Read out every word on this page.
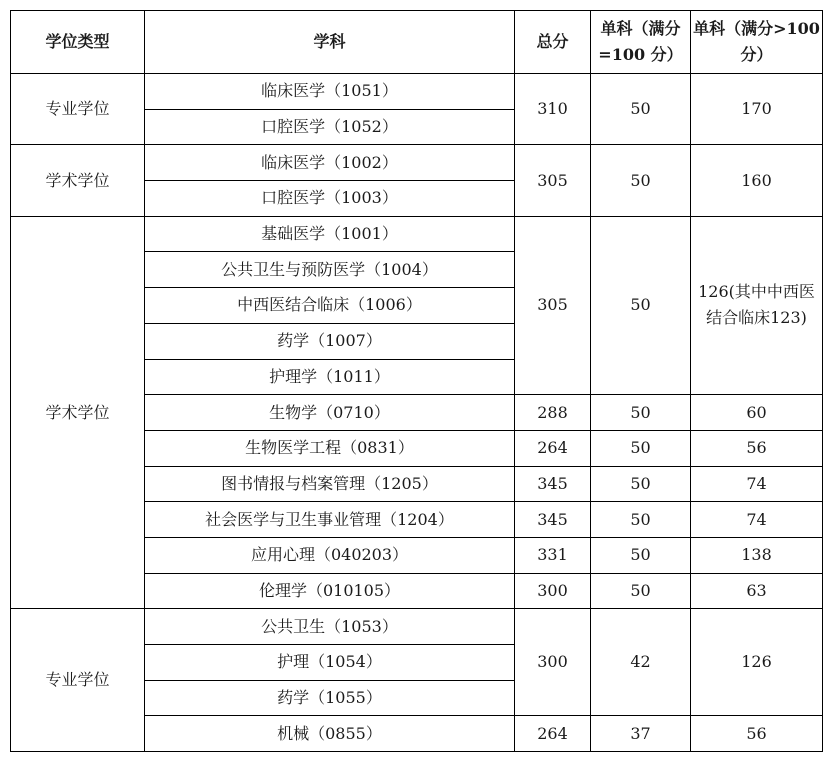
学位类型	学科	总分	单科（满分=100 分）	单科（满分>100 分）
专业学位	临床医学（1051）	310	50	170
	口腔医学（1052）			
学术学位	临床医学（1002）	305	50	160
	口腔医学（1003）			
学术学位	基础医学（1001）	305	50	126(其中中西医结合临床123)
	公共卫生与预防医学（1004）			
	中西医结合临床（1006）			
	药学（1007）			
	护理学（1011）			
	生物学（0710）	288	50	60
	生物医学工程（0831）	264	50	56
	图书情报与档案管理（1205）	345	50	74
	社会医学与卫生事业管理（1204）	345	50	74
	应用心理（040203）	331	50	138
	伦理学（010105）	300	50	63
专业学位	公共卫生（1053）	300	42	126
	护理（1054）			
	药学（1055）			
	机械（0855）	264	37	56
